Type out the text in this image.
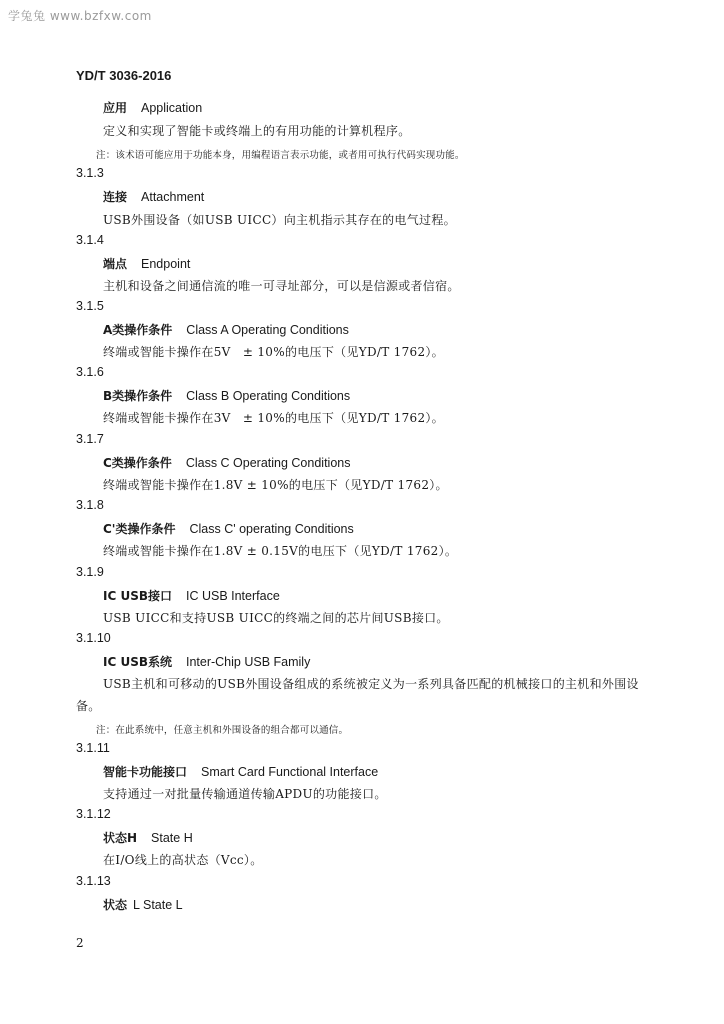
学兔兔 www.bzfxw.com
YD/T 3036-2016
应用 Application
定义和实现了智能卡或终端上的有用功能的计算机程序。
注：该术语可能应用于功能本身，用编程语言表示功能，或者用可执行代码实现功能。
3.1.3
连接 Attachment
USB外围设备（如USB UICC）向主机指示其存在的电气过程。
3.1.4
端点 Endpoint
主机和设备之间通信流的唯一可寻址部分，可以是信源或者信宿。
3.1.5
A类操作条件 Class A Operating Conditions
终端或智能卡操作在5V　± 10%的电压下（见YD/T 1762）。
3.1.6
B类操作条件 Class B Operating Conditions
终端或智能卡操作在3V　± 10%的电压下（见YD/T 1762）。
3.1.7
C类操作条件 Class C Operating Conditions
终端或智能卡操作在1.8V ± 10%的电压下（见YD/T 1762）。
3.1.8
C'类操作条件 Class C' operating Conditions
终端或智能卡操作在1.8V ± 0.15V的电压下（见YD/T 1762）。
3.1.9
IC USB接口 IC USB Interface
USB UICC和支持USB UICC的终端之间的芯片间USB接口。
3.1.10
IC USB系统 Inter-Chip USB Family
USB主机和可移动的USB外围设备组成的系统被定义为一系列具备匹配的机械接口的主机和外围设
备。
注：在此系统中，任意主机和外围设备的组合都可以通信。
3.1.11
智能卡功能接口 Smart Card Functional Interface
支持通过一对批量传输通道传输APDU的功能接口。
3.1.12
状态H State H
在I/O线上的高状态（Vcc）。
3.1.13
状态 L State L
2
